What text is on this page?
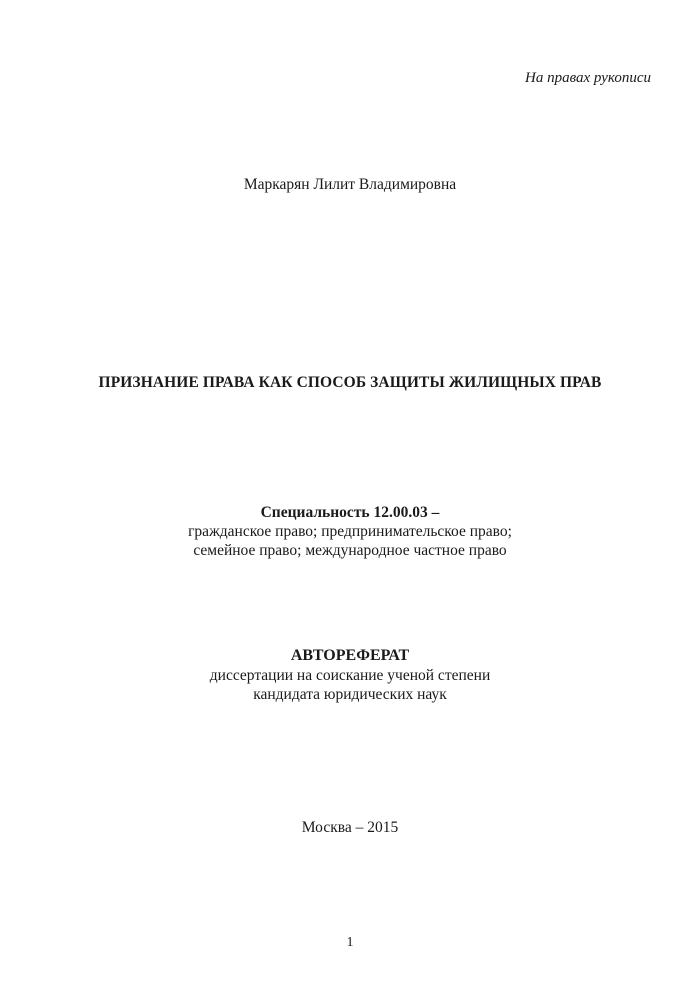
На правах рукописи
Маркарян Лилит Владимировна
ПРИЗНАНИЕ ПРАВА КАК СПОСОБ ЗАЩИТЫ ЖИЛИЩНЫХ ПРАВ
Специальность 12.00.03 –
гражданское право; предпринимательское право;
семейное право; международное частное право
АВТОРЕФЕРАТ
диссертации на соискание ученой степени
кандидата юридических наук
Москва – 2015
1
